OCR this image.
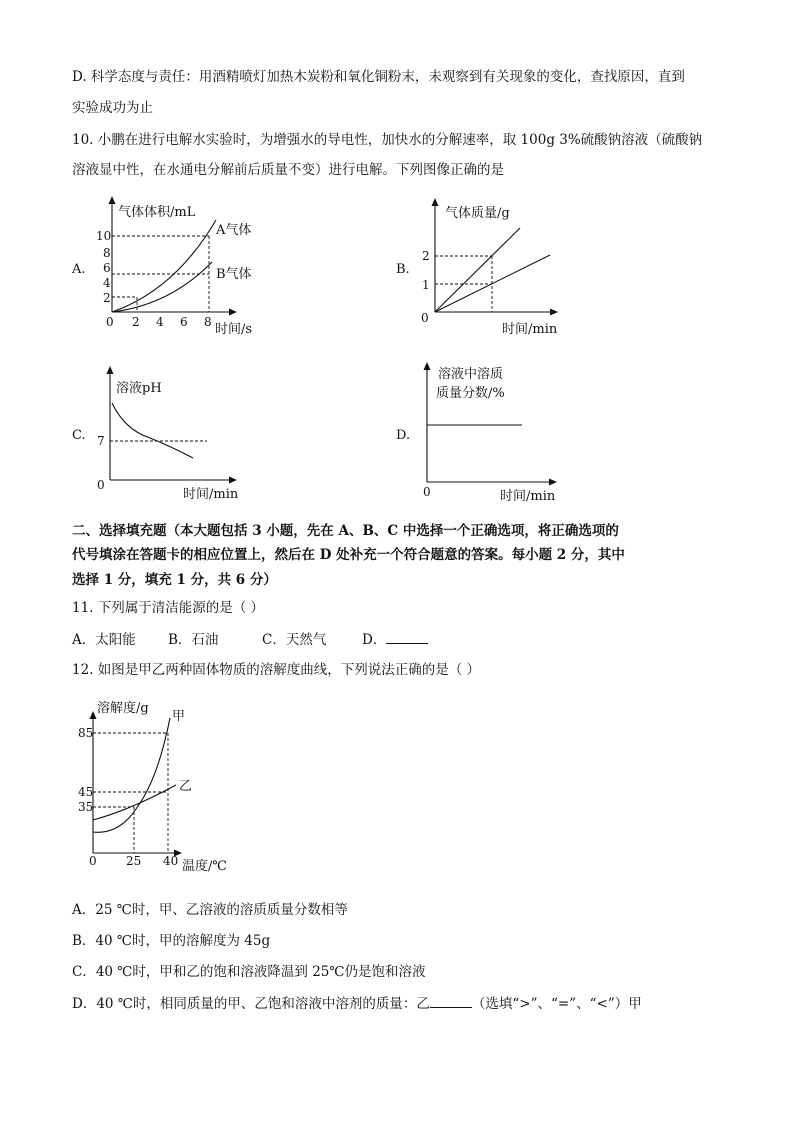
D. 科学态度与责任：用酒精喷灯加热木炭粉和氧化铜粉末，未观察到有关现象的变化，查找原因，直到
实验成功为止
10. 小鹏在进行电解水实验时，为增强水的导电性，加快水的分解速率，取 100g 3%硫酸钠溶液（硫酸钠
溶液显中性，在水通电分解前后质量不变）进行电解。下列图像正确的是
A.	B.
C.	D.
气体体积/mL
时间/s
10
8
6
4
2
0 2 4 6 8
A气体
B气体
气体质量/g
时间/min
2
1
0
溶液pH
时间/min
7
0
溶液中溶质
质量分数/%
时间/min
0
二、选择填充题（本大题包括 3 小题，先在 A、B、C 中选择一个正确选项，将正确选项的
代号填涂在答题卡的相应位置上，然后在 D 处补充一个符合题意的答案。每小题 2 分，其中
选择 1 分，填充 1 分，共 6 分）
11. 下列属于清洁能源的是（ ）
A．太阳能 B．石油	C．天然气	D．
12. 如图是甲乙两种固体物质的溶解度曲线，下列说法正确的是（ ）
溶解度/g
温度/℃
85
45
35
0 25 40
甲
乙
A．25 ℃时，甲、乙溶液的溶质质量分数相等
B．40 ℃时，甲的溶解度为 45g
C．40 ℃时，甲和乙的饱和溶液降温到 25℃仍是饱和溶液
D．40 ℃时，相同质量的甲、乙饱和溶液中溶剂的质量：乙	（选填“>”、“=”、“<”）甲
